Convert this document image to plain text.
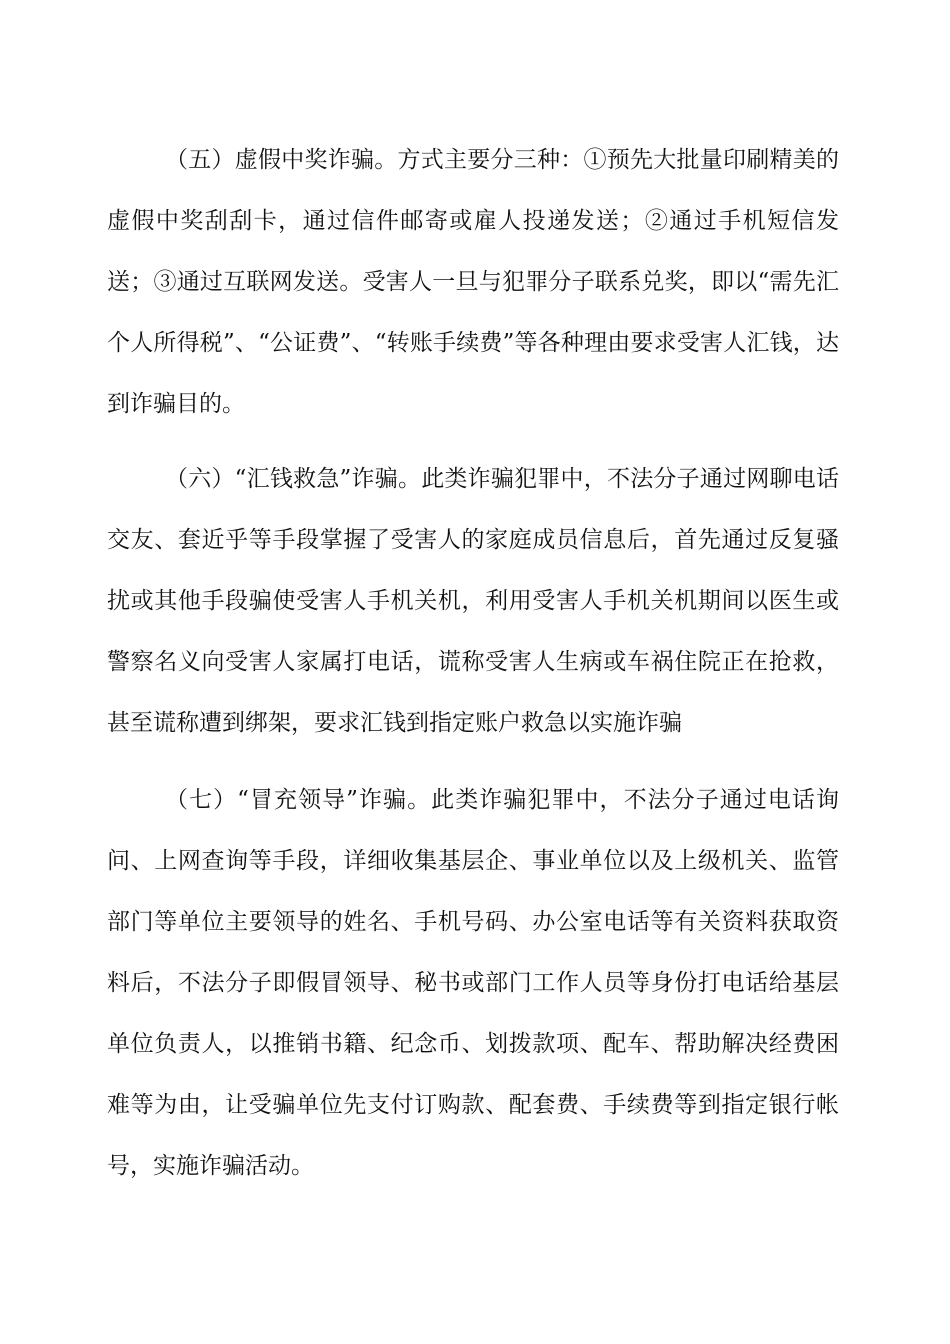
（五）虚假中奖诈骗。方式主要分三种：①预先大批量印刷精美的虚假中奖刮刮卡，通过信件邮寄或雇人投递发送；②通过手机短信发送；③通过互联网发送。受害人一旦与犯罪分子联系兑奖，即以“需先汇个人所得税”、“公证费”、“转账手续费”等各种理由要求受害人汇钱，达到诈骗目的。

（六）“汇钱救急”诈骗。此类诈骗犯罪中，不法分子通过网聊电话交友、套近乎等手段掌握了受害人的家庭成员信息后，首先通过反复骚扰或其他手段骗使受害人手机关机，利用受害人手机关机期间以医生或警察名义向受害人家属打电话，谎称受害人生病或车祸住院正在抢救，甚至谎称遭到绑架，要求汇钱到指定账户救急以实施诈骗

（七）“冒充领导”诈骗。此类诈骗犯罪中，不法分子通过电话询问、上网查询等手段，详细收集基层企、事业单位以及上级机关、监管部门等单位主要领导的姓名、手机号码、办公室电话等有关资料获取资料后，不法分子即假冒领导、秘书或部门工作人员等身份打电话给基层单位负责人，以推销书籍、纪念币、划拨款项、配车、帮助解决经费困难等为由，让受骗单位先支付订购款、配套费、手续费等到指定银行帐号，实施诈骗活动。
